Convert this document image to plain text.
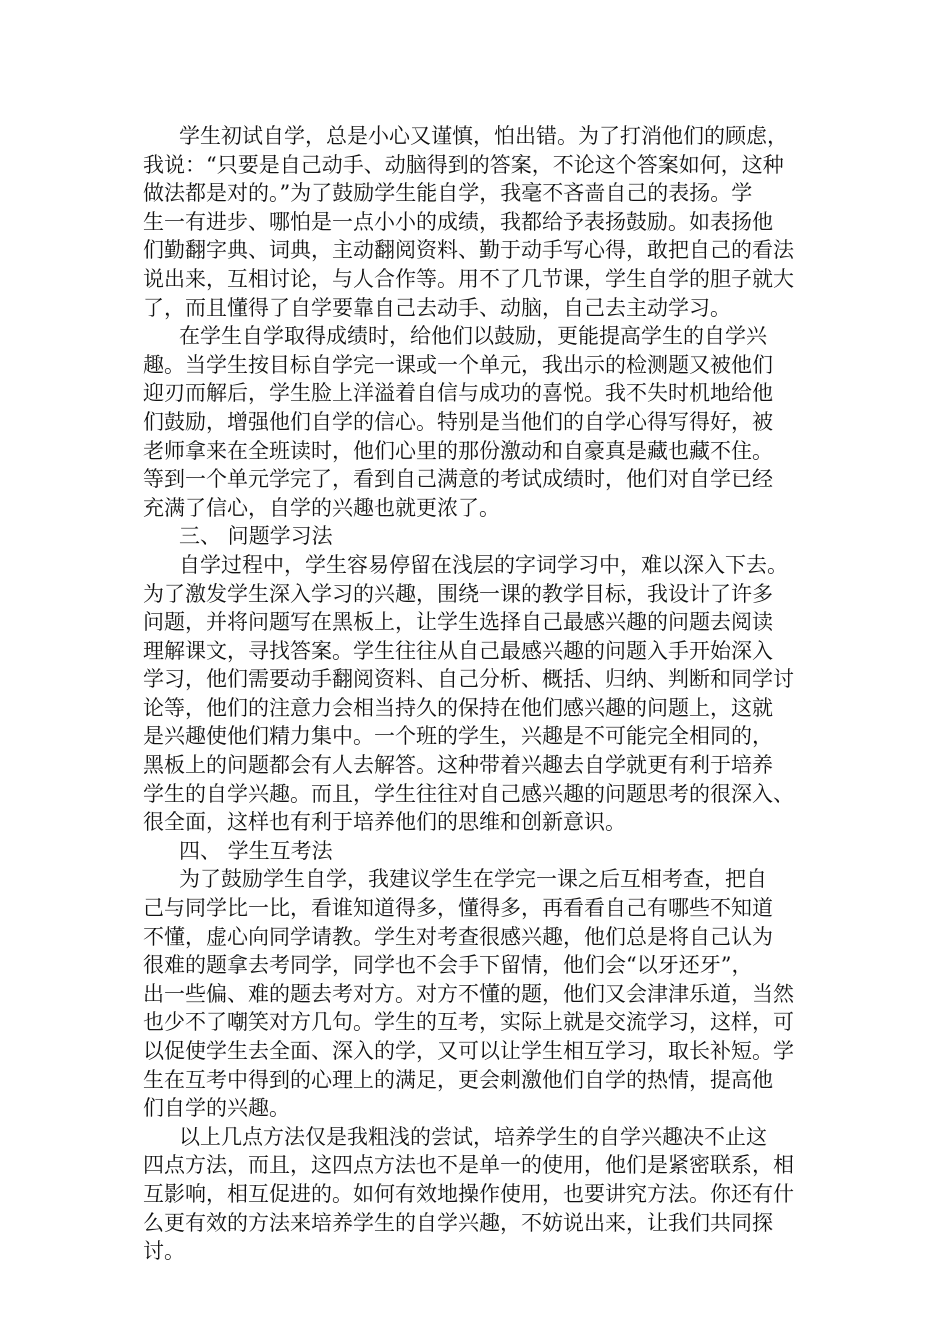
学生初试自学，总是小心又谨慎，怕出错。为了打消他们的顾虑，
我说：“只要是自己动手、动脑得到的答案，不论这个答案如何，这种
做法都是对的。”为了鼓励学生能自学，我毫不吝啬自己的表扬。学
生一有进步、哪怕是一点小小的成绩，我都给予表扬鼓励。如表扬他
们勤翻字典、词典，主动翻阅资料、勤于动手写心得，敢把自己的看法
说出来，互相讨论，与人合作等。用不了几节课，学生自学的胆子就大
了，而且懂得了自学要靠自己去动手、动脑，自己去主动学习。
在学生自学取得成绩时，给他们以鼓励，更能提高学生的自学兴
趣。当学生按目标自学完一课或一个单元，我出示的检测题又被他们
迎刃而解后，学生脸上洋溢着自信与成功的喜悦。我不失时机地给他
们鼓励，增强他们自学的信心。特别是当他们的自学心得写得好，被
老师拿来在全班读时，他们心里的那份激动和自豪真是藏也藏不住。
等到一个单元学完了，看到自己满意的考试成绩时，他们对自学已经
充满了信心，自学的兴趣也就更浓了。
三、 问题学习法
自学过程中，学生容易停留在浅层的字词学习中，难以深入下去。
为了激发学生深入学习的兴趣，围绕一课的教学目标，我设计了许多
问题，并将问题写在黑板上，让学生选择自己最感兴趣的问题去阅读
理解课文，寻找答案。学生往往从自己最感兴趣的问题入手开始深入
学习，他们需要动手翻阅资料、自己分析、概括、归纳、判断和同学讨
论等，他们的注意力会相当持久的保持在他们感兴趣的问题上，这就
是兴趣使他们精力集中。一个班的学生，兴趣是不可能完全相同的，
黑板上的问题都会有人去解答。这种带着兴趣去自学就更有利于培养
学生的自学兴趣。而且，学生往往对自己感兴趣的问题思考的很深入、
很全面，这样也有利于培养他们的思维和创新意识。
四、 学生互考法
为了鼓励学生自学，我建议学生在学完一课之后互相考查，把自
己与同学比一比，看谁知道得多，懂得多，再看看自己有哪些不知道
不懂，虚心向同学请教。学生对考查很感兴趣，他们总是将自己认为
很难的题拿去考同学，同学也不会手下留情，他们会“以牙还牙”，
出一些偏、难的题去考对方。对方不懂的题，他们又会津津乐道，当然
也少不了嘲笑对方几句。学生的互考，实际上就是交流学习，这样，可
以促使学生去全面、深入的学，又可以让学生相互学习，取长补短。学
生在互考中得到的心理上的满足，更会刺激他们自学的热情，提高他
们自学的兴趣。
以上几点方法仅是我粗浅的尝试，培养学生的自学兴趣决不止这
四点方法，而且，这四点方法也不是单一的使用，他们是紧密联系，相
互影响，相互促进的。如何有效地操作使用，也要讲究方法。你还有什
么更有效的方法来培养学生的自学兴趣，不妨说出来，让我们共同探
讨。
